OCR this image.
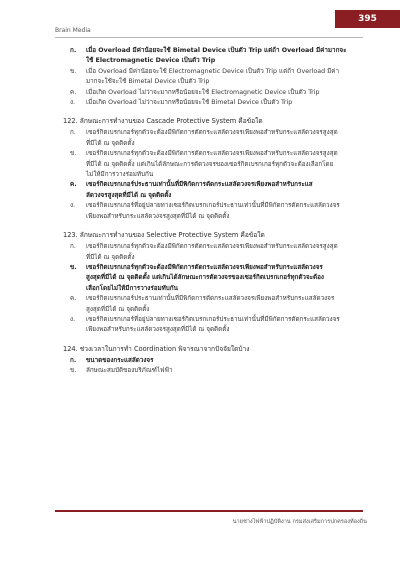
Brain Media
395
ก.	เมื่อ Overload มีค่าน้อยจะใช้ Bimetal Device เป็นตัว Trip แต่ถ้า Overload มีค่ามากจะ
ใช้ Electromagnetic Device เป็นตัว Trip
ข.	เมื่อ Overload มีค่าน้อยจะใช้ Electromagnetic Device เป็นตัว Trip แต่ถ้า Overload มีค่า
มากจะใช้จะใช้ Bimetal Device เป็นตัว Trip
ค.	เมื่อเกิด Overload ไม่ว่าจะมากหรือน้อยจะใช้ Electromagnetic Device เป็นตัว Trip
ง.	เมื่อเกิด Overload ไม่ว่าจะมากหรือน้อยจะใช้ Bimetal Device เป็นตัว Trip
122. ลักษณะการทำงานของ Cascade Protective System คือข้อใด
ก.	เซอร์กิตเบรกเกอร์ทุกตัวจะต้องมีพิกัดการตัดกระแสลัดวงจรเพียงพอสำหรับกระแสลัดวงจรสูงสุด
ที่มีได้ ณ จุดติดตั้ง
ข.	เซอร์กิตเบรกเกอร์ทุกตัวจะต้องมีพิกัดการตัดกระแสลัดวงจรเพียงพอสำหรับกระแสลัดวงจรสูงสุด
ที่มีได้ ณ จุดติดตั้ง แต่เกินได้ลักษณะการตัดวงจรของเซอร์กิตเบรกเกอร์ทุกตัวจะต้องเลือกโดย
ไม่ให้มีการวางร่อมทับกัน
ค.	เซอร์กิตเบรกเกอร์ประธานเท่านั้นที่มีพิกัดการตัดกระแสลัดวงจรเพียงพอสำหรับกระแส
ลัดวงจรสูงสุดที่มีได้ ณ จุดติดตั้ง
ง.	เซอร์กิตเบรกเกอร์ที่อยู่ปลายทางเซอร์กิตเบรกเกอร์ประธานเท่านั้นที่มีพิกัดการตัดกระแสลัดวงจร
เพียงพอสำหรับกระแสลัดวงจรสูงสุดที่มีได้ ณ จุดติดตั้ง
123. ลักษณะการทำงานของ Selective Protective System คือข้อใด
ก.	เซอร์กิตเบรกเกอร์ทุกตัวจะต้องมีพิกัดการตัดกระแสลัดวงจรเพียงพอสำหรับกระแสลัดวงจรสูงสุด
ที่มีได้ ณ จุดติดตั้ง
ข.	เซอร์กิตเบรกเกอร์ทุกตัวจะต้องมีพิกัดการตัดกระแสลัดวงจรเพียงพอสำหรับกระแสลัดวงจร
สูงสุดที่มีได้ ณ จุดติดตั้ง แต่เกินได้ลักษณะการตัดวงจรของเซอร์กิตเบรกเกอร์ทุกตัวจะต้อง
เลือกโดยไม่ให้มีการวางร่อมทับกัน
ค.	เซอร์กิตเบรกเกอร์ประธานเท่านั้นที่มีพิกัดการตัดกระแสลัดวงจรเพียงพอสำหรับกระแสลัดวงจร
สูงสุดที่มีได้ ณ จุดติดตั้ง
ง.	เซอร์กิตเบรกเกอร์ที่อยู่ปลายทางเซอร์กิตเบรกเกอร์ประธานเท่านั้นที่มีพิกัดการตัดกระแสลัดวงจร
เพียงพอสำหรับกระแสลัดวงจรสูงสุดที่มีได้ ณ จุดติดตั้ง
124. ช่วงเวลาในการทำ Coordination พิจารณาจากปัจจัยใดบ้าง
ก.	ขนาดของกระแสลัดวงจร
ข.	ลักษณะสมบัติของบริภัณฑ์ไฟฟ้า
นายช่างไฟฟ้าปฏิบัติงาน กรมส่งเสริมการปกครองท้องถิ่น
